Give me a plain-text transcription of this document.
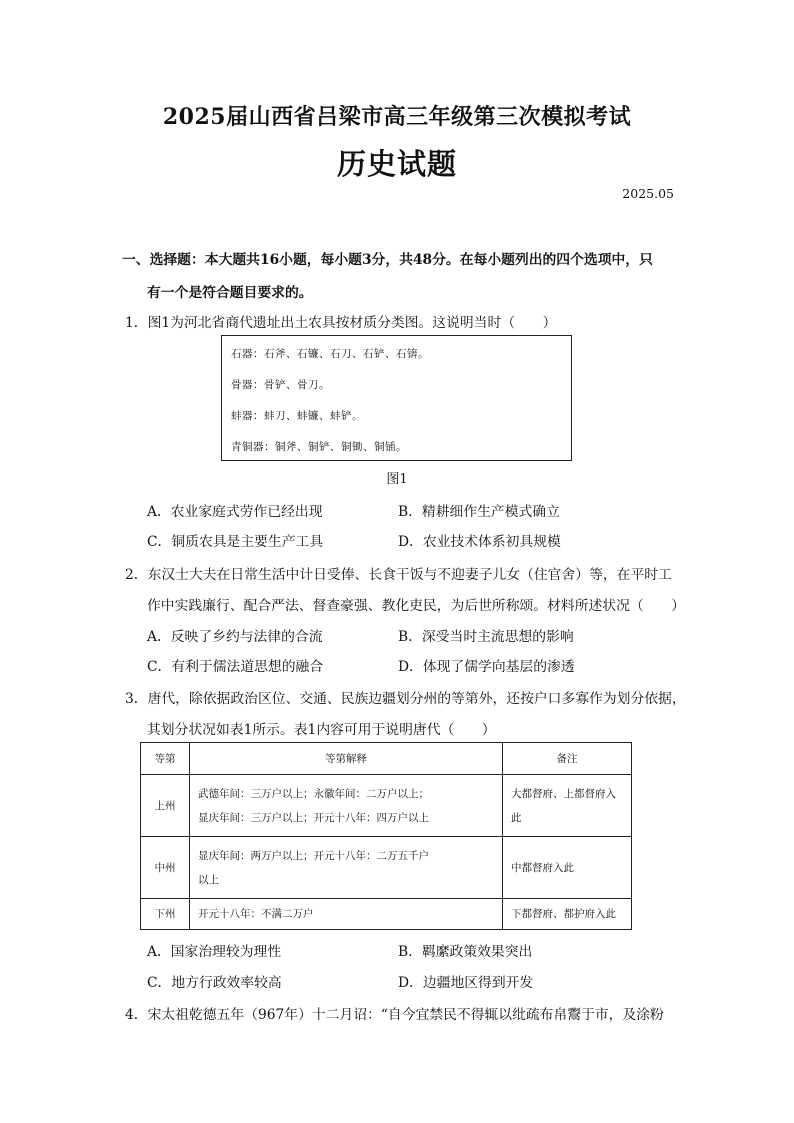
2025届山西省吕梁市高三年级第三次模拟考试
历史试题
2025.05
一、选择题：本大题共16小题，每小题3分，共48分。在每小题列出的四个选项中，只
有一个是符合题目要求的。
1．图1为河北省商代遗址出土农具按材质分类图。这说明当时（　　）
石器：石斧、石镰、石刀、石铲、石锛。
骨器：骨铲、骨刀。
蚌器：蚌刀、蚌镰、蚌铲。
青铜器：铜斧、铜铲、铜锄、铜锸。
图1
A．农业家庭式劳作已经出现	B．精耕细作生产模式确立
C．铜质农具是主要生产工具	D．农业技术体系初具规模
2．东汉士大夫在日常生活中计日受俸、长食干饭与不迎妻子儿女（住官舍）等，在平时工
作中实践廉行、配合严法、督查豪强、教化吏民，为后世所称颂。材料所述状况（　　）
A．反映了乡约与法律的合流	B．深受当时主流思想的影响
C．有利于儒法道思想的融合	D．体现了儒学向基层的渗透
3．唐代，除依据政治区位、交通、民族边疆划分州的等第外，还按户口多寡作为划分依据，
其划分状况如表1所示。表1内容可用于说明唐代（　　）
等第	等第解释	备注
上州	武德年间：三万户以上；永徽年间：二万户以上；
显庆年间：三万户以上；开元十八年：四万户以上	大都督府、上都督府入此
中州	显庆年间：两万户以上；开元十八年：二万五千户
以上	中都督府入此
下州	开元十八年：不满二万户	下都督府、都护府入此
A．国家治理较为理性	B．羁縻政策效果突出
C．地方行政效率较高	D．边疆地区得到开发
4．宋太祖乾德五年（967年）十二月诏：“自今宜禁民不得辄以纰疏布帛鬻于市，及涂粉
